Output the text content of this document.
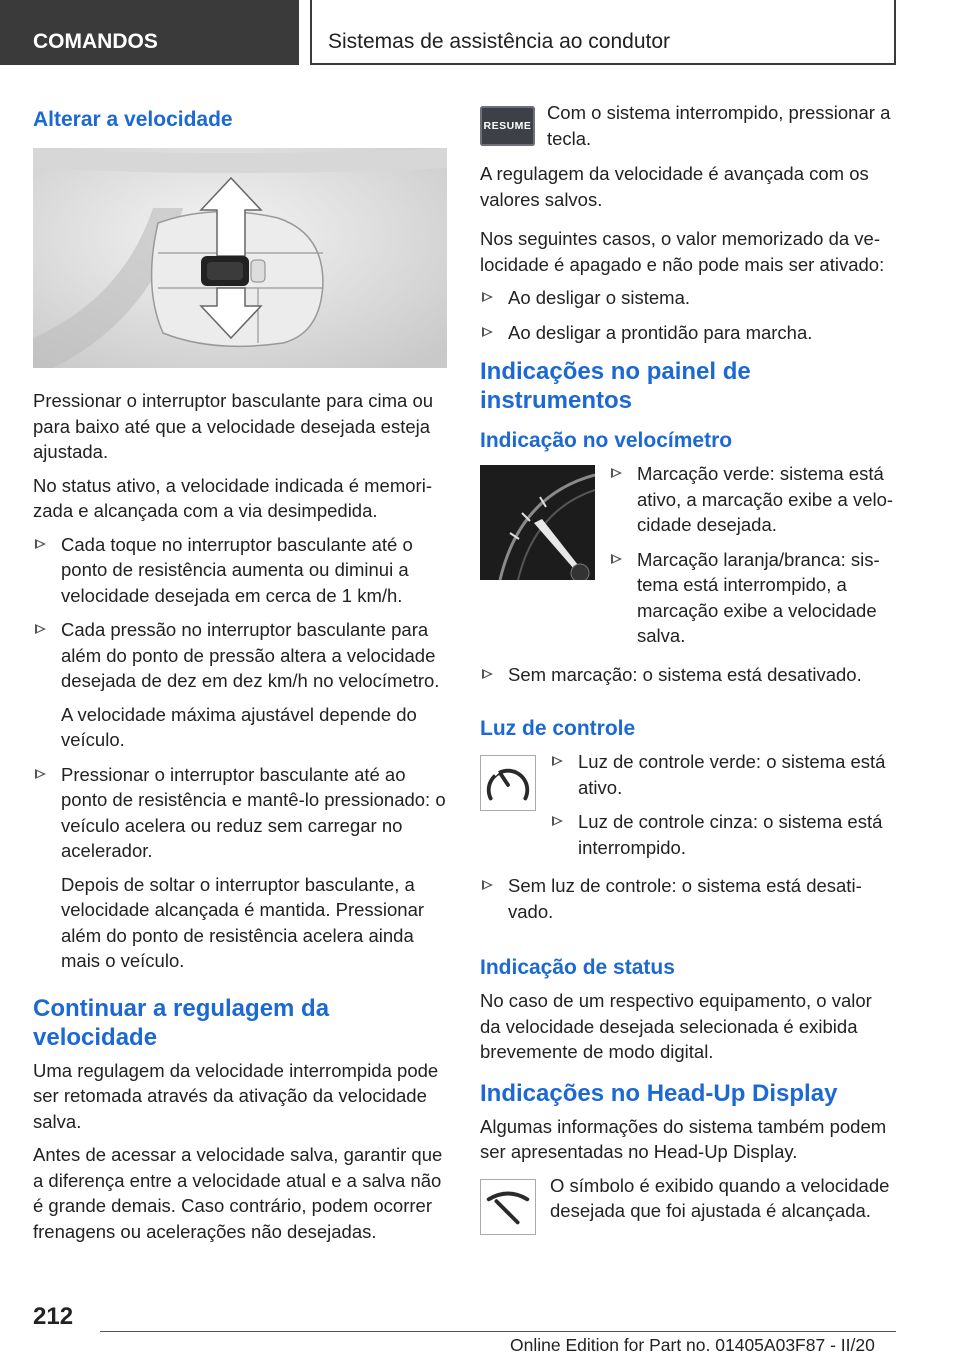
COMANDOS	Sistemas de assistência ao condutor
Alterar a velocidade

Pressionar o interruptor basculante para cima ou para baixo até que a velocidade desejada esteja ajustada.

No status ativo, a velocidade indicada é memorizada e alcançada com a via desimpedida.

Cada toque no interruptor basculante até o ponto de resistência aumenta ou diminui a velocidade desejada em cerca de 1 km/h.
Cada pressão no interruptor basculante para além do ponto de pressão altera a velocidade desejada de dez em dez km/h no velocímetro.
A velocidade máxima ajustável depende do veículo.
Pressionar o interruptor basculante até ao ponto de resistência e mantê-lo pressionado: o veículo acelera ou reduz sem carregar no acelerador.
Depois de soltar o interruptor basculante, a velocidade alcançada é mantida. Pressionar além do ponto de resistência acelera ainda mais o veículo.
Continuar a regulagem da velocidade

Uma regulagem da velocidade interrompida pode ser retomada através da ativação da velocidade salva.

Antes de acessar a velocidade salva, garantir que a diferença entre a velocidade atual e a salva não é grande demais. Caso contrário, podem ocorrer frenagens ou acelerações não desejadas.

RESUME

Com o sistema interrompido, pressionar a tecla.

A regulagem da velocidade é avançada com os valores salvos.

Nos seguintes casos, o valor memorizado da velocidade é apagado e não pode mais ser ativado:

Ao desligar o sistema.
Ao desligar a prontidão para marcha.
Indicações no painel de instrumentos
Indicação no velocímetro
Marcação verde: sistema está ativo, a marcação exibe a velocidade desejada.
Marcação laranja/branca: sistema está interrompido, a marcação exibe a velocidade salva.
Sem marcação: o sistema está desativado.
Luz de controle
Luz de controle verde: o sistema está ativo.
Luz de controle cinza: o sistema está interrompido.
Sem luz de controle: o sistema está desativado.
Indicação de status

No caso de um respectivo equipamento, o valor da velocidade desejada selecionada é exibida brevemente de modo digital.

Indicações no Head-Up Display

Algumas informações do sistema também podem ser apresentadas no Head-Up Display.

O símbolo é exibido quando a velocidade desejada que foi ajustada é alcançada.

212
Online Edition for Part no. 01405A03F87 - II/20
